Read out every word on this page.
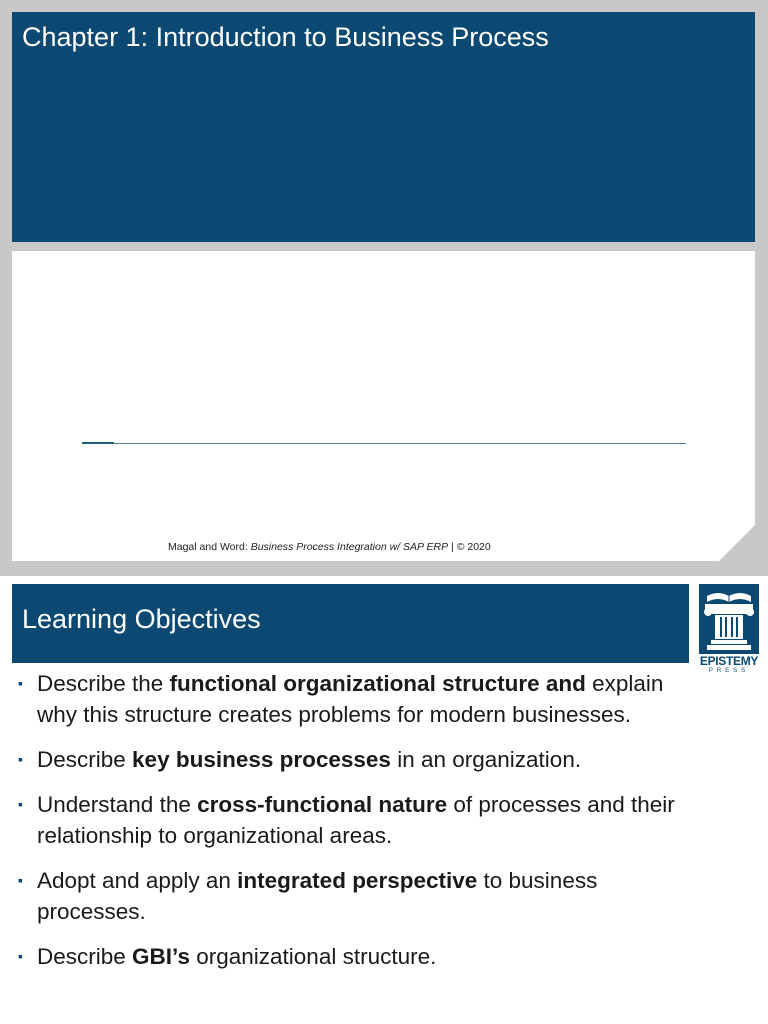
Chapter 1: Introduction to Business Process
Magal and Word: Business Process Integration w/ SAP ERP | © 2020
Learning Objectives
EPISTEMY
PRESS
▪ Describe the functional organizational structure and explain why this structure creates problems for modern businesses.
▪ Describe key business processes in an organization.
▪ Understand the cross-functional nature of processes and their relationship to organizational areas.
▪ Adopt and apply an integrated perspective to business processes.
▪ Describe GBI’s organizational structure.
